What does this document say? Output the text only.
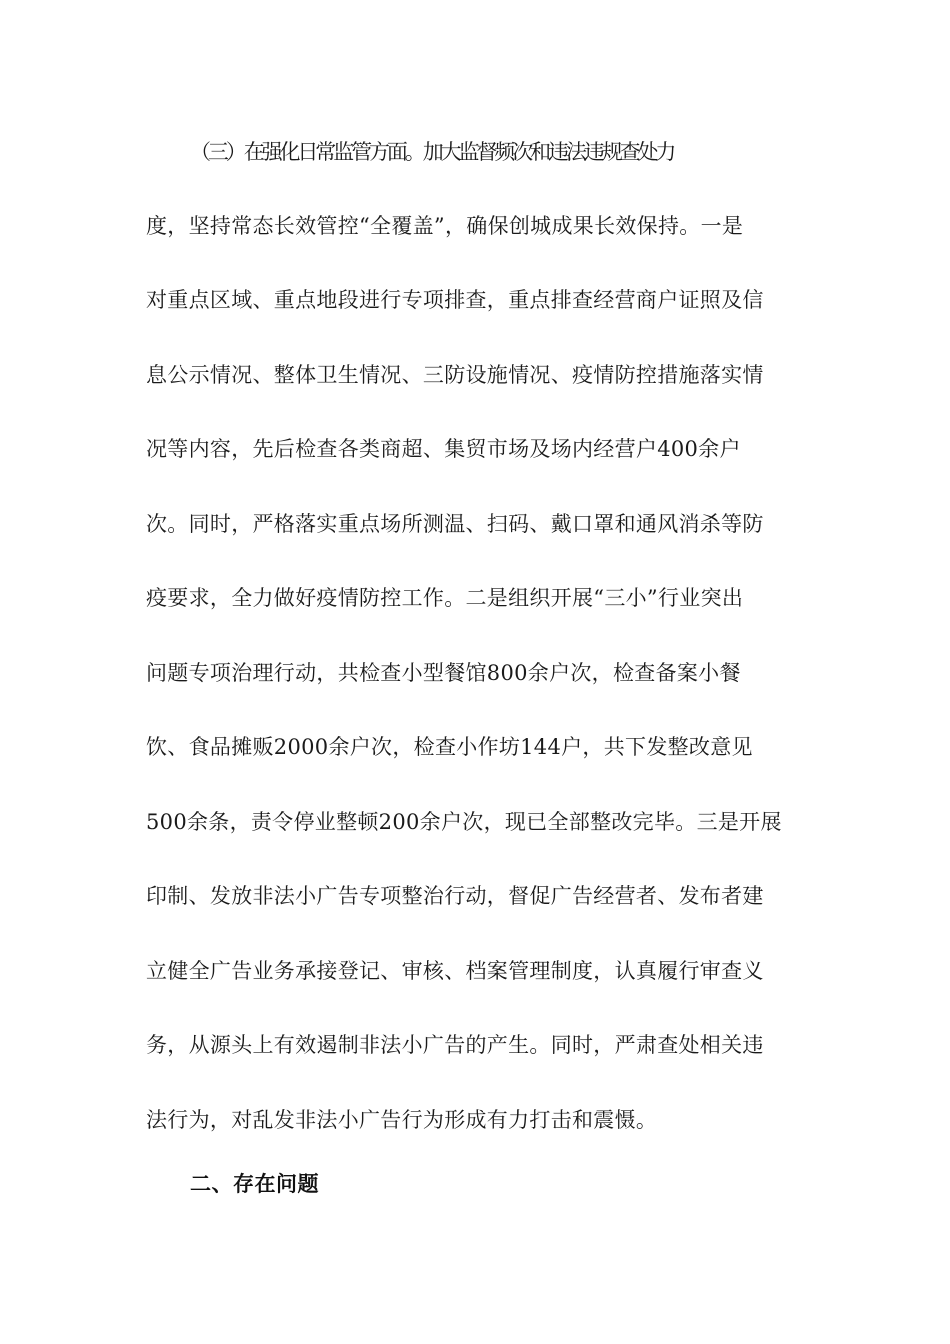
（三）在强化日常监管方面。加大监督频次和违法违规查处力
度，坚持常态长效管控“全覆盖”，确保创城成果长效保持。一是
对重点区域、重点地段进行专项排查，重点排查经营商户证照及信
息公示情况、整体卫生情况、三防设施情况、疫情防控措施落实情
况等内容，先后检查各类商超、集贸市场及场内经营户400余户
次。同时，严格落实重点场所测温、扫码、戴口罩和通风消杀等防
疫要求，全力做好疫情防控工作。二是组织开展“三小”行业突出
问题专项治理行动，共检查小型餐馆800余户次，检查备案小餐
饮、食品摊贩2000余户次，检查小作坊144户，共下发整改意见
500余条，责令停业整顿200余户次，现已全部整改完毕。三是开展
印制、发放非法小广告专项整治行动，督促广告经营者、发布者建
立健全广告业务承接登记、审核、档案管理制度，认真履行审查义
务，从源头上有效遏制非法小广告的产生。同时，严肃查处相关违
法行为，对乱发非法小广告行为形成有力打击和震慑。
二、存在问题
